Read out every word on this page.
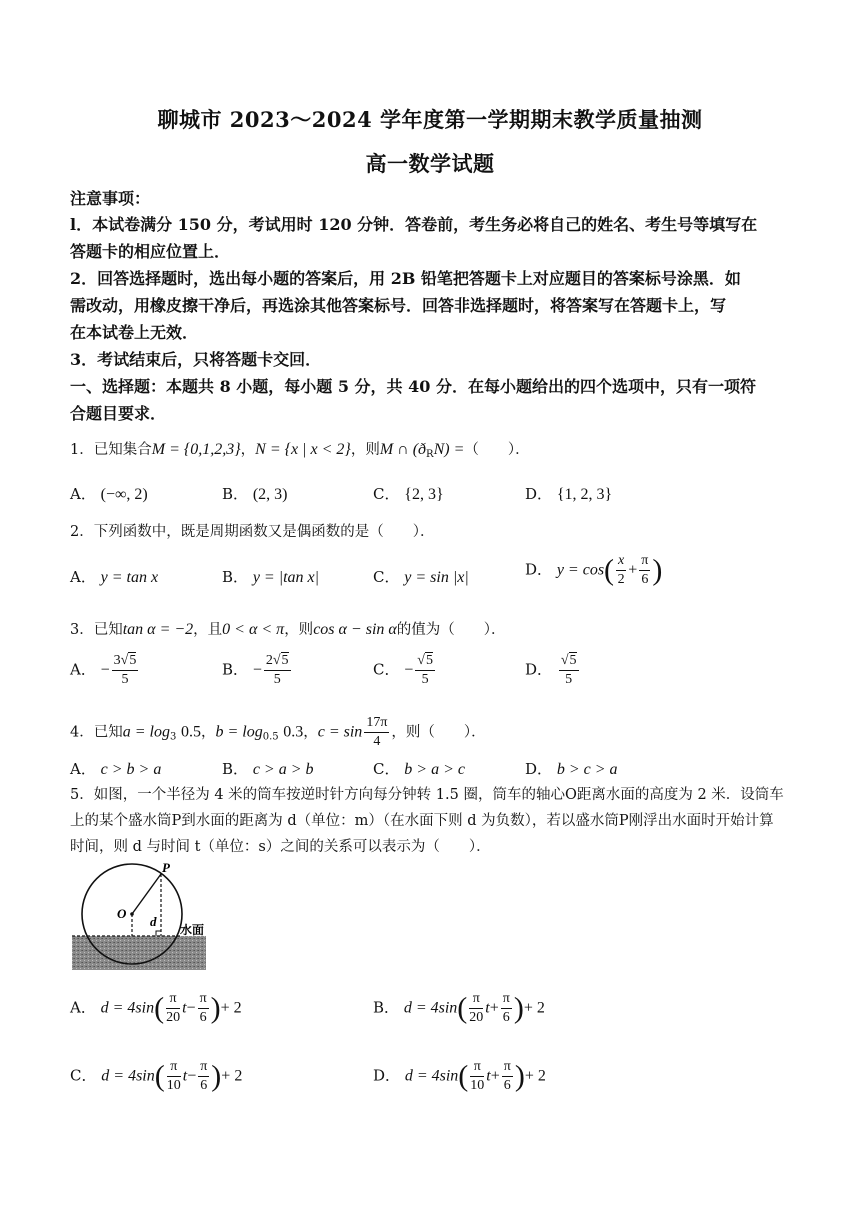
聊城市 2023～2024 学年度第一学期期末教学质量抽测
高一数学试题
注意事项：
l．本试卷满分 150 分，考试用时 120 分钟．答卷前，考生务必将自己的姓名、考生号等填写在
答题卡的相应位置上．
2．回答选择题时，选出每小题的答案后，用 2B 铅笔把答题卡上对应题目的答案标号涂黑．如
需改动，用橡皮擦干净后，再选涂其他答案标号．回答非选择题时，将答案写在答题卡上，写
在本试卷上无效．
3．考试结束后，只将答题卡交回．
一、选择题：本题共 8 小题，每小题 5 分，共 40 分．在每小题给出的四个选项中，只有一项符
合题目要求．
1．已知集合M = {0,1,2,3}，N = {x | x < 2}，则M ∩ $(ð_RN)$ =（　　）．
A． (−∞, 2)	B． (2, 3)	C． {2, 3}	D． {1, 2, 3}
2．下列函数中，既是周期函数又是偶函数的是（　　）．
A． y = tan x	B． y = |tan x|	C． y = sin |x|	D． $y = \cos( \frac{x}{2} + \frac{\pi}{6}$ )
3．已知tan α = −2，且0 < α < π，则cos α − sin α的值为（　　）．
A． − $\frac{3√5}{5}$	B． − $\frac{2√5}{5}$	C． − $\frac{√5}{5}$	D． $\frac{√5}{5}$
4．已知$a = \log_3 0.5$，$b = \log_{0.5} 0.3$，$c = \sin \frac{17\pi}{4}$ ，则（　　）．
A． c > b > a	B． c > a > b	C． b > a > c	D． b > c > a
5．如图，一个半径为 4 米的筒车按逆时针方向每分钟转 1.5 圈，筒车的轴心O距离水面的高度为 2 米．设筒车
上的某个盛水筒P到水面的距离为 d（单位：m）（在水面下则 d 为负数），若以盛水筒P刚浮出水面时开始计算
时间，则 d 与时间 t（单位：s）之间的关系可以表示为（　　）．
P
O
d
水面
A． $d = 4\sin( \frac{\pi}{20} t- \frac{\pi}{6}$ )+ 2	B． $d = 4\sin( \frac{\pi}{20} t+ \frac{\pi}{6}$ )+ 2
C． $d = 4\sin( \frac{\pi}{10} t- \frac{\pi}{6}$ )+ 2	D． $d = 4\sin( \frac{\pi}{10} t+ \frac{\pi}{6}$ )+ 2
